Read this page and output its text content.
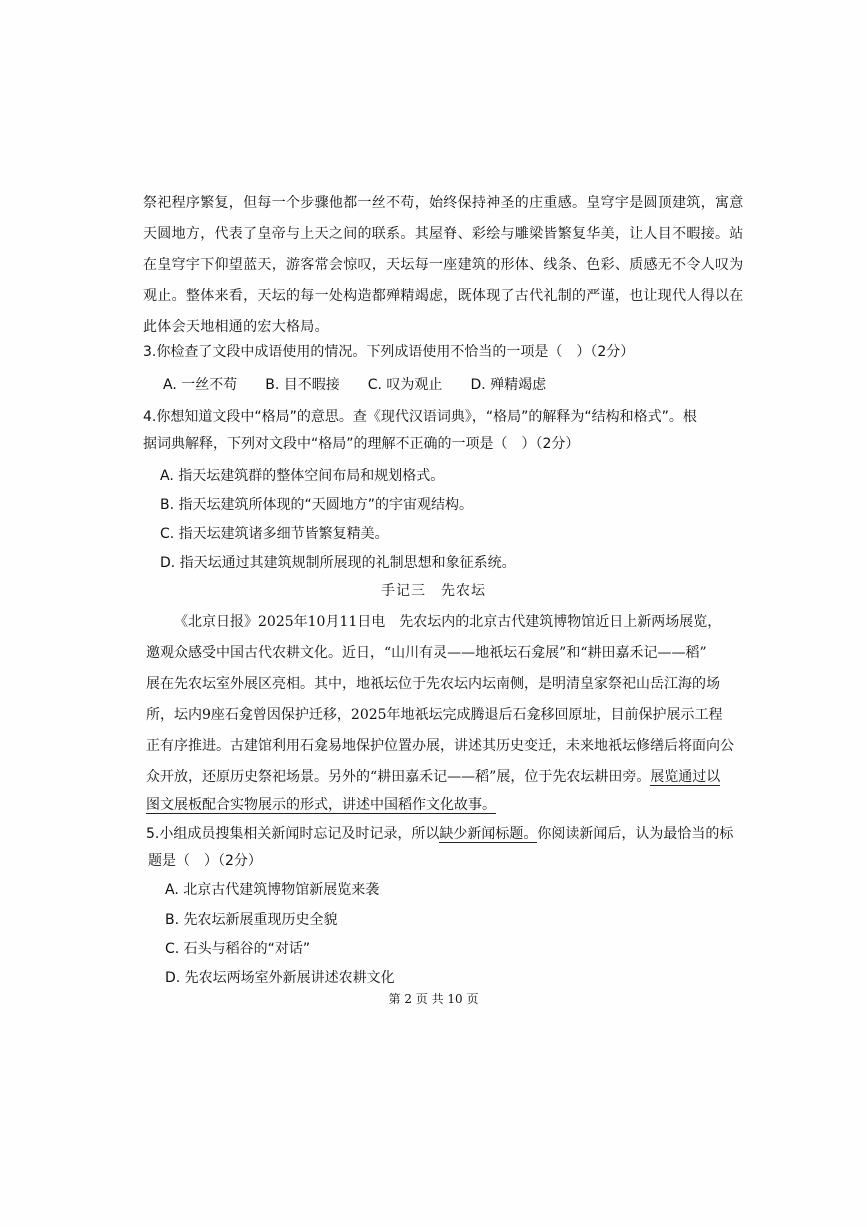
祭祀程序繁复，但每一个步骤他都一丝不苟，始终保持神圣的庄重感。皇穹宇是圆顶建筑，寓意
天圆地方，代表了皇帝与上天之间的联系。其屋脊、彩绘与雕梁皆繁复华美，让人目不暇接。站
在皇穹宇下仰望蓝天，游客常会惊叹，天坛每一座建筑的形体、线条、色彩、质感无不令人叹为
观止。整体来看，天坛的每一处构造都殚精竭虑，既体现了古代礼制的严谨，也让现代人得以在
此体会天地相通的宏大格局。
3.你检查了文段中成语使用的情况。下列成语使用不恰当的一项是（　）（2分）
A. 一丝不苟 B. 目不暇接 C. 叹为观止 D. 殚精竭虑
4.你想知道文段中“格局”的意思。查《现代汉语词典》，“格局”的解释为“结构和格式”。根
据词典解释，下列对文段中“格局”的理解不正确的一项是（　）（2分）
A. 指天坛建筑群的整体空间布局和规划格式。
B. 指天坛建筑所体现的“天圆地方”的宇宙观结构。
C. 指天坛建筑诸多细节皆繁复精美。
D. 指天坛通过其建筑规制所展现的礼制思想和象征系统。
手记三　先农坛
《北京日报》2025年10月11日电　先农坛内的北京古代建筑博物馆近日上新两场展览，
邀观众感受中国古代农耕文化。近日，“山川有灵——地祇坛石龛展”和“耕田嘉禾记——稻”
展在先农坛室外展区亮相。其中，地祇坛位于先农坛内坛南侧，是明清皇家祭祀山岳江海的场
所，坛内9座石龛曾因保护迁移，2025年地祇坛完成腾退后石龛移回原址，目前保护展示工程
正有序推进。古建馆利用石龛易地保护位置办展，讲述其历史变迁，未来地祇坛修缮后将面向公
众开放，还原历史祭祀场景。另外的“耕田嘉禾记——稻”展，位于先农坛耕田旁。展览通过以
图文展板配合实物展示的形式，讲述中国稻作文化故事。
5.小组成员搜集相关新闻时忘记及时记录，所以缺少新闻标题。你阅读新闻后，认为最恰当的标
题是（　）（2分）
A. 北京古代建筑博物馆新展览来袭
B. 先农坛新展重现历史全貌
C. 石头与稻谷的“对话”
D. 先农坛两场室外新展讲述农耕文化
第 2 页 共 10 页
